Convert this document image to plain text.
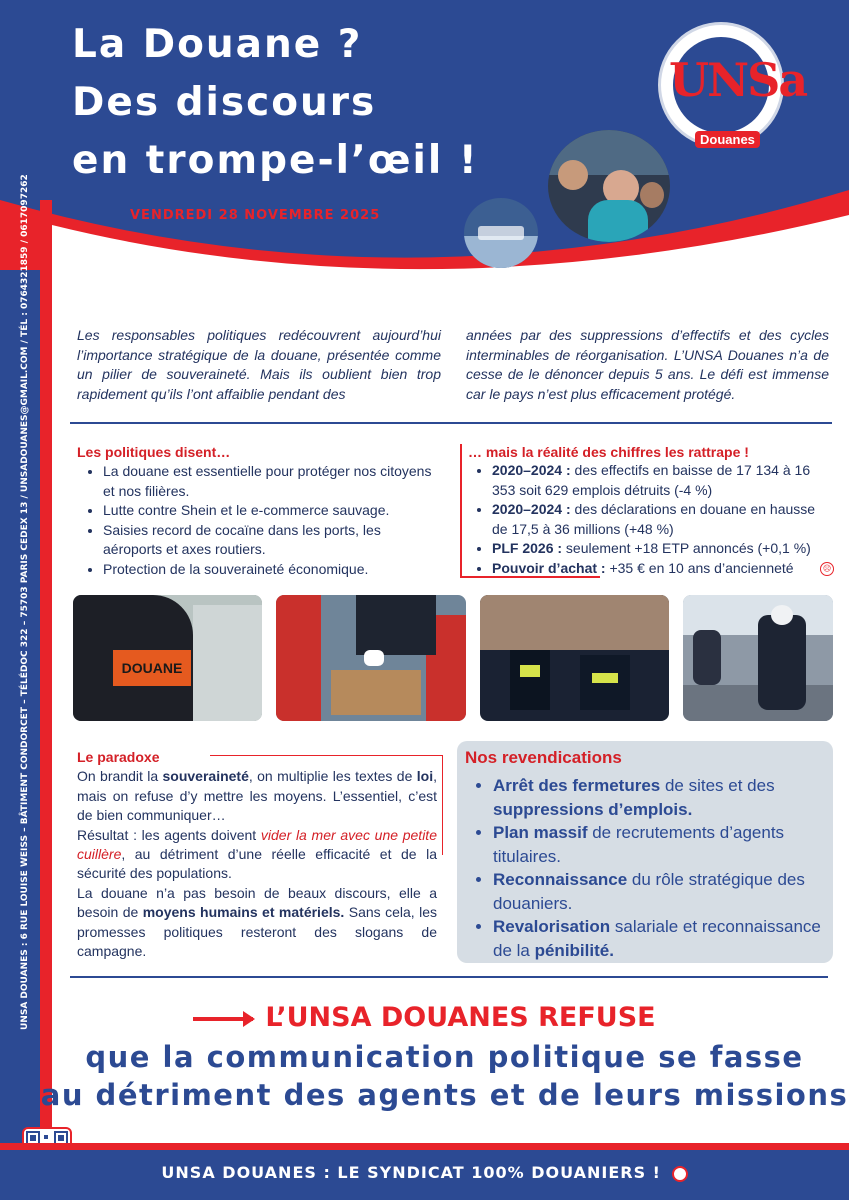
La Douane ?
Des discours
en trompe-l’œil !
VENDREDI 28 NOVEMBRE 2025
UNSa
Douanes
UNSA DOUANES : 6 RUE LOUISE WEISS – BÂTIMENT CONDORCET – TÉLÉDOC 322 – 75703 PARIS CEDEX 13 / UNSADOUANES@GMAIL.COM / TÉL : 0764321859 / 0617097262	Les responsables politiques redécouvrent aujourd’hui l’importance stratégique de la douane, présentée comme un pilier de souveraineté. Mais ils oublient bien trop rapidement qu’ils l’ont affaiblie pendant des
années par des suppressions d’effectifs et des cycles interminables de réorganisation. L’UNSA Douanes n’a de cesse de le dénoncer depuis 5 ans. Le défi est immense car le pays n’est plus efficacement protégé.
Les politiques disent…
• La douane est essentielle pour protéger nos citoyens et nos filières.
• Lutte contre Shein et le e-commerce sauvage.
• Saisies record de cocaïne dans les ports, les aéroports et axes routiers.
• Protection de la souveraineté économique.
… mais la réalité des chiffres les rattrape !
• 2020–2024 : des effectifs en baisse de 17 134 à 16 353 soit 629 emplois détruits (-4 %)
• 2020–2024 : des déclarations en douane en hausse de 17,5 à 36 millions (+48 %)
• PLF 2026 : seulement +18 ETP annoncés (+0,1 %)
• Pouvoir d’achat : +35 € en 10 ans d’ancienneté	☹
DOUANE
Le paradoxe
On brandit la souveraineté, on multiplie les textes de loi, mais on refuse d’y mettre les moyens. L’essentiel, c’est de bien communiquer…
Résultat : les agents doivent vider la mer avec une petite cuillère, au détriment d’une réelle efficacité et de la sécurité des populations.
La douane n’a pas besoin de beaux discours, elle a besoin de moyens humains et matériels. Sans cela, les promesses politiques resteront des slogans de campagne.
Nos revendications
• Arrêt des fermetures de sites et des suppressions d’emplois.
• Plan massif de recrutements d’agents titulaires.
• Reconnaissance du rôle stratégique des douaniers.
• Revalorisation salariale et reconnaissance de la pénibilité.
L’UNSA DOUANES REFUSE
que la communication politique se fasse
au détriment des agents et de leurs missions
UNSA DOUANES : LE SYNDICAT 100% DOUANIERS !
